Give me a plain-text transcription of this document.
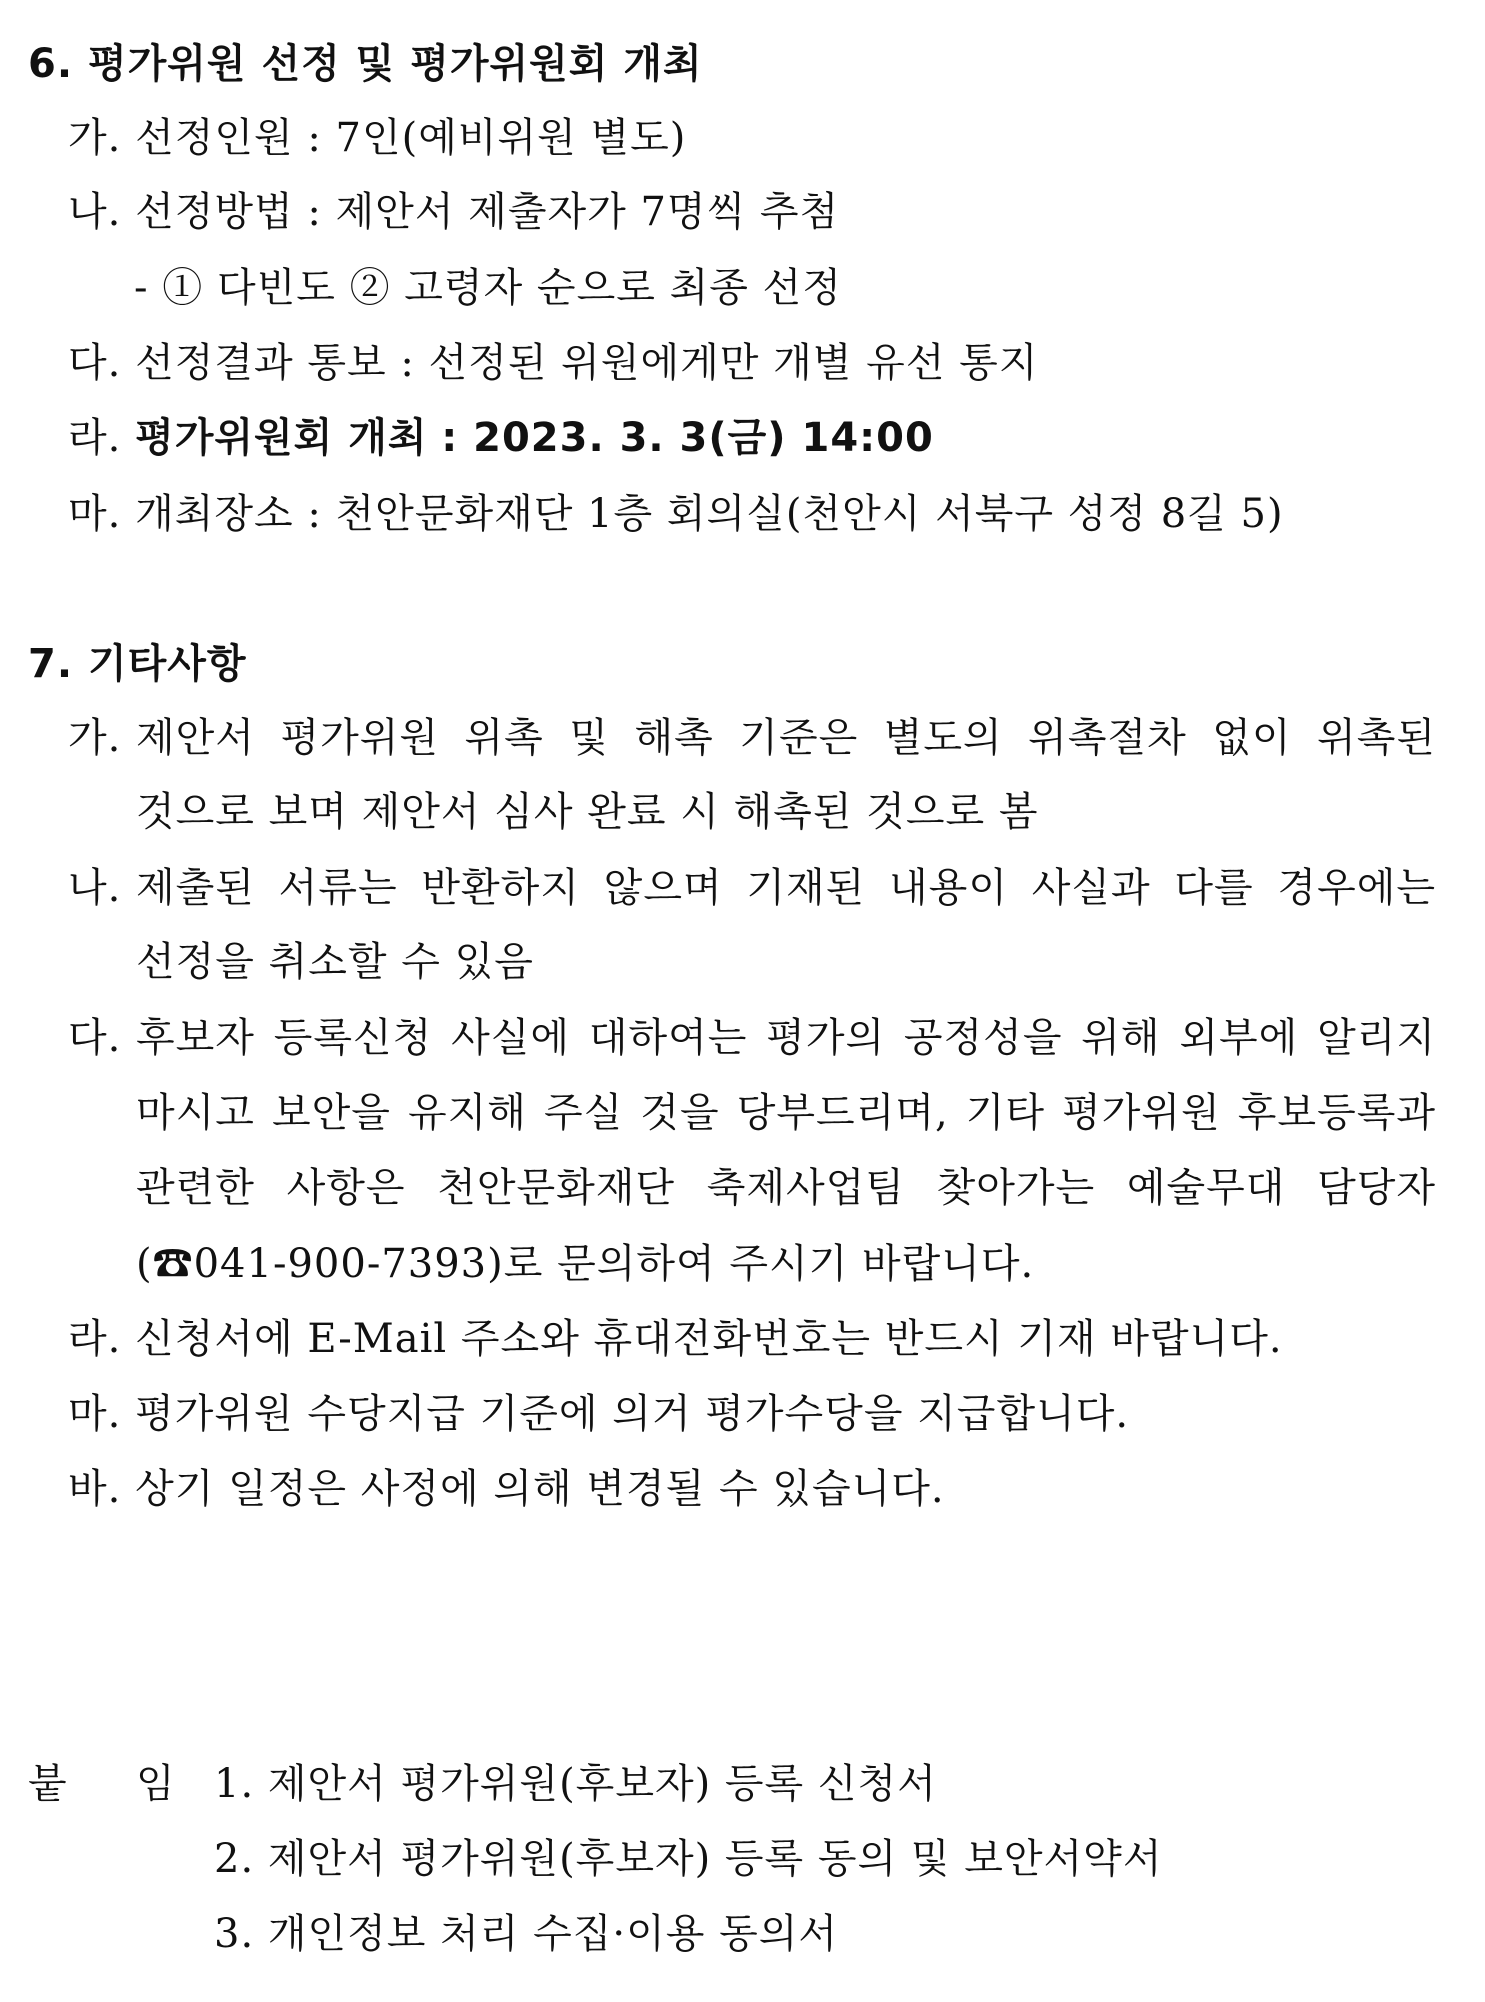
6. 평가위원 선정 및 평가위원회 개최
가. 선정인원 : 7인(예비위원 별도)
나. 선정방법 : 제안서 제출자가 7명씩 추첨
- ① 다빈도 ② 고령자 순으로 최종 선정
다. 선정결과 통보 : 선정된 위원에게만 개별 유선 통지
라. 평가위원회 개최 : 2023. 3. 3(금) 14:00
마. 개최장소 : 천안문화재단 1층 회의실(천안시 서북구 성정 8길 5)
7. 기타사항
가. 제안서 평가위원 위촉 및 해촉 기준은 별도의 위촉절차 없이 위촉된
것으로 보며 제안서 심사 완료 시 해촉된 것으로 봄
나. 제출된 서류는 반환하지 않으며 기재된 내용이 사실과 다를 경우에는
선정을 취소할 수 있음
다. 후보자 등록신청 사실에 대하여는 평가의 공정성을 위해 외부에 알리지
마시고 보안을 유지해 주실 것을 당부드리며, 기타 평가위원 후보등록과
관련한 사항은 천안문화재단 축제사업팀 찾아가는 예술무대 담당자
(☎041-900-7393)로 문의하여 주시기 바랍니다.
라. 신청서에 E-Mail 주소와 휴대전화번호는 반드시 기재 바랍니다.
마. 평가위원 수당지급 기준에 의거 평가수당을 지급합니다.
바. 상기 일정은 사정에 의해 변경될 수 있습니다.
붙 임 1. 제안서 평가위원(후보자) 등록 신청서
2. 제안서 평가위원(후보자) 등록 동의 및 보안서약서
3. 개인정보 처리 수집·이용 동의서
